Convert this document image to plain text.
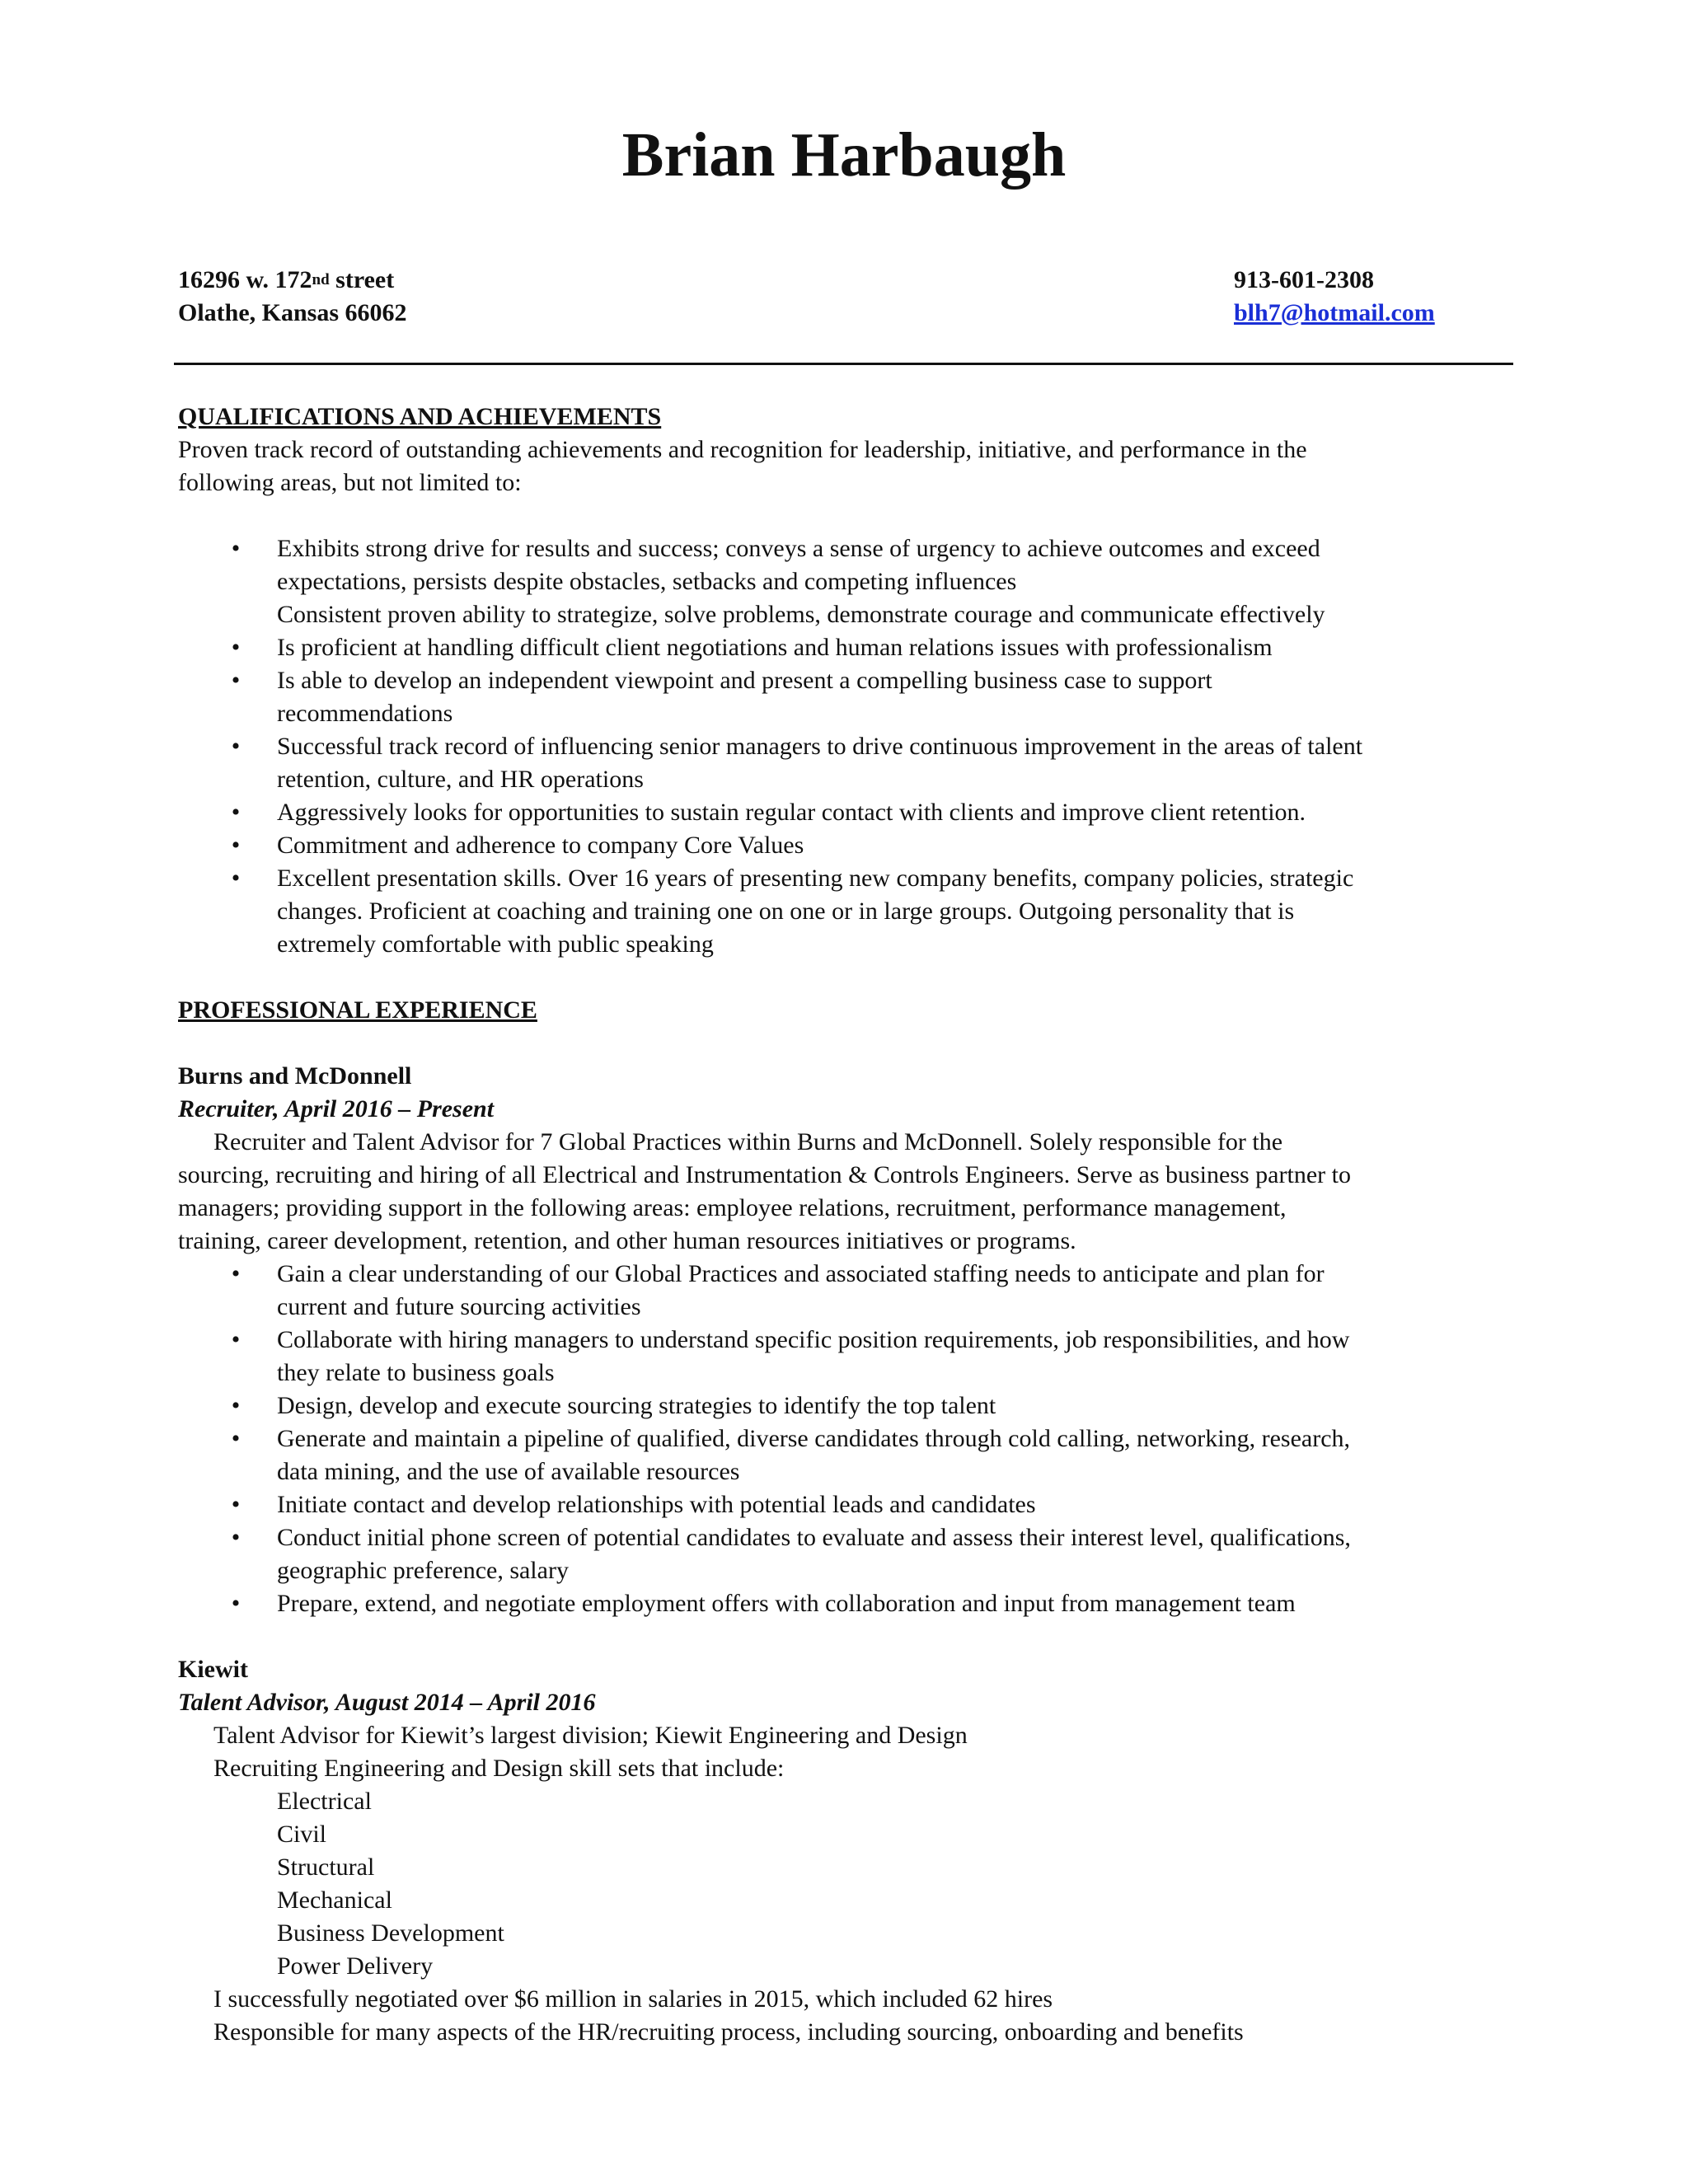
Brian Harbaugh
16296 w. 172nd street	913-601-2308
Olathe, Kansas 66062	blh7@hotmail.com
QUALIFICATIONS AND ACHIEVEMENTS
Proven track record of outstanding achievements and recognition for leadership, initiative, and performance in the
following areas, but not limited to:
• Exhibits strong drive for results and success; conveys a sense of urgency to achieve outcomes and exceed
expectations, persists despite obstacles, setbacks and competing influences
Consistent proven ability to strategize, solve problems, demonstrate courage and communicate effectively
• Is proficient at handling difficult client negotiations and human relations issues with professionalism
• Is able to develop an independent viewpoint and present a compelling business case to support
recommendations
• Successful track record of influencing senior managers to drive continuous improvement in the areas of talent
retention, culture, and HR operations
• Aggressively looks for opportunities to sustain regular contact with clients and improve client retention.
• Commitment and adherence to company Core Values
• Excellent presentation skills. Over 16 years of presenting new company benefits, company policies, strategic
changes. Proficient at coaching and training one on one or in large groups. Outgoing personality that is
extremely comfortable with public speaking
PROFESSIONAL EXPERIENCE
Burns and McDonnell
Recruiter, April 2016 – Present
Recruiter and Talent Advisor for 7 Global Practices within Burns and McDonnell. Solely responsible for the
sourcing, recruiting and hiring of all Electrical and Instrumentation & Controls Engineers. Serve as business partner to
managers; providing support in the following areas: employee relations, recruitment, performance management,
training, career development, retention, and other human resources initiatives or programs.
• Gain a clear understanding of our Global Practices and associated staffing needs to anticipate and plan for
current and future sourcing activities
• Collaborate with hiring managers to understand specific position requirements, job responsibilities, and how
they relate to business goals
• Design, develop and execute sourcing strategies to identify the top talent
• Generate and maintain a pipeline of qualified, diverse candidates through cold calling, networking, research,
data mining, and the use of available resources
• Initiate contact and develop relationships with potential leads and candidates
• Conduct initial phone screen of potential candidates to evaluate and assess their interest level, qualifications,
geographic preference, salary
• Prepare, extend, and negotiate employment offers with collaboration and input from management team
Kiewit
Talent Advisor, August 2014 – April 2016
Talent Advisor for Kiewit’s largest division; Kiewit Engineering and Design
Recruiting Engineering and Design skill sets that include:
Electrical
Civil
Structural
Mechanical
Business Development
Power Delivery
I successfully negotiated over $6 million in salaries in 2015, which included 62 hires
Responsible for many aspects of the HR/recruiting process, including sourcing, onboarding and benefits
